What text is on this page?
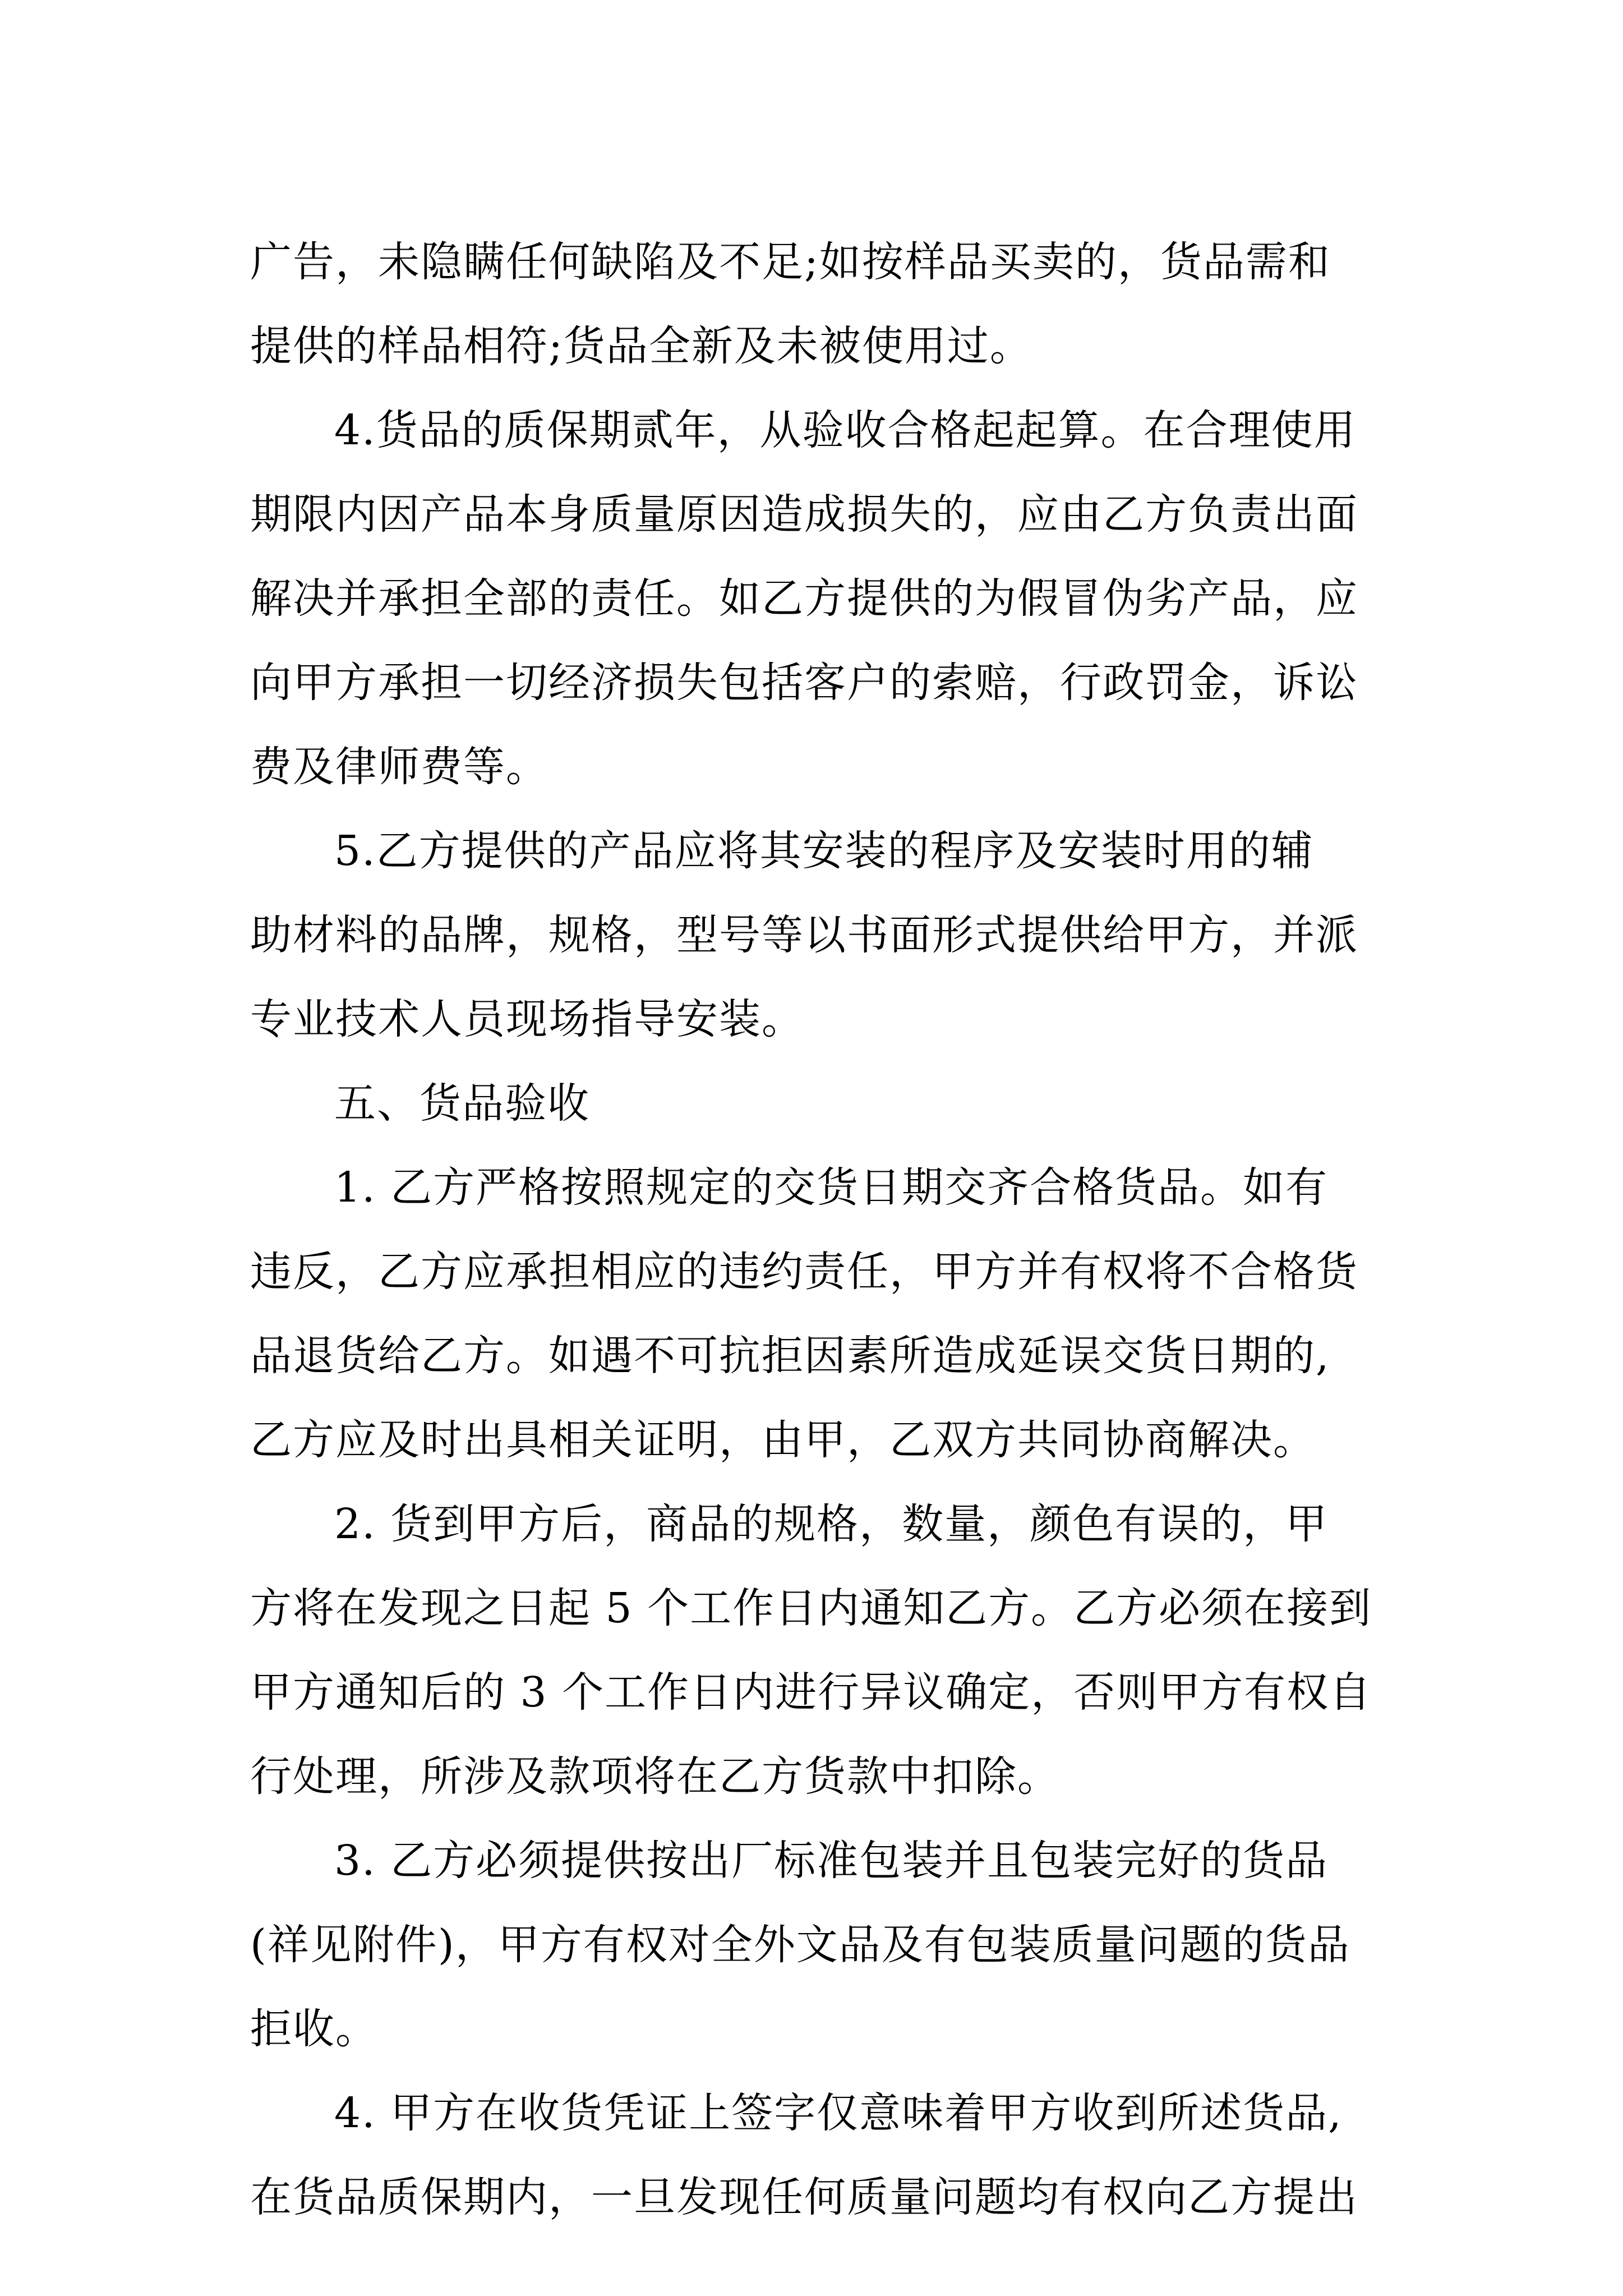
广告，未隐瞒任何缺陷及不足;如按样品买卖的，货品需和
提供的样品相符;货品全新及未被使用过。
4.货品的质保期贰年，从验收合格起起算。在合理使用
期限内因产品本身质量原因造成损失的，应由乙方负责出面
解决并承担全部的责任。如乙方提供的为假冒伪劣产品，应
向甲方承担一切经济损失包括客户的索赔，行政罚金，诉讼
费及律师费等。
5.乙方提供的产品应将其安装的程序及安装时用的辅
助材料的品牌，规格，型号等以书面形式提供给甲方，并派
专业技术人员现场指导安装。
五、货品验收
1. 乙方严格按照规定的交货日期交齐合格货品。如有
违反，乙方应承担相应的违约责任，甲方并有权将不合格货
品退货给乙方。如遇不可抗拒因素所造成延误交货日期的,
乙方应及时出具相关证明，由甲，乙双方共同协商解决。
2. 货到甲方后，商品的规格，数量，颜色有误的，甲
方将在发现之日起 5 个工作日内通知乙方。乙方必须在接到
甲方通知后的 3 个工作日内进行异议确定，否则甲方有权自
行处理，所涉及款项将在乙方货款中扣除。
3. 乙方必须提供按出厂标准包装并且包装完好的货品
(祥见附件)，甲方有权对全外文品及有包装质量问题的货品
拒收。
4. 甲方在收货凭证上签字仅意味着甲方收到所述货品,
在货品质保期内，一旦发现任何质量问题均有权向乙方提出
